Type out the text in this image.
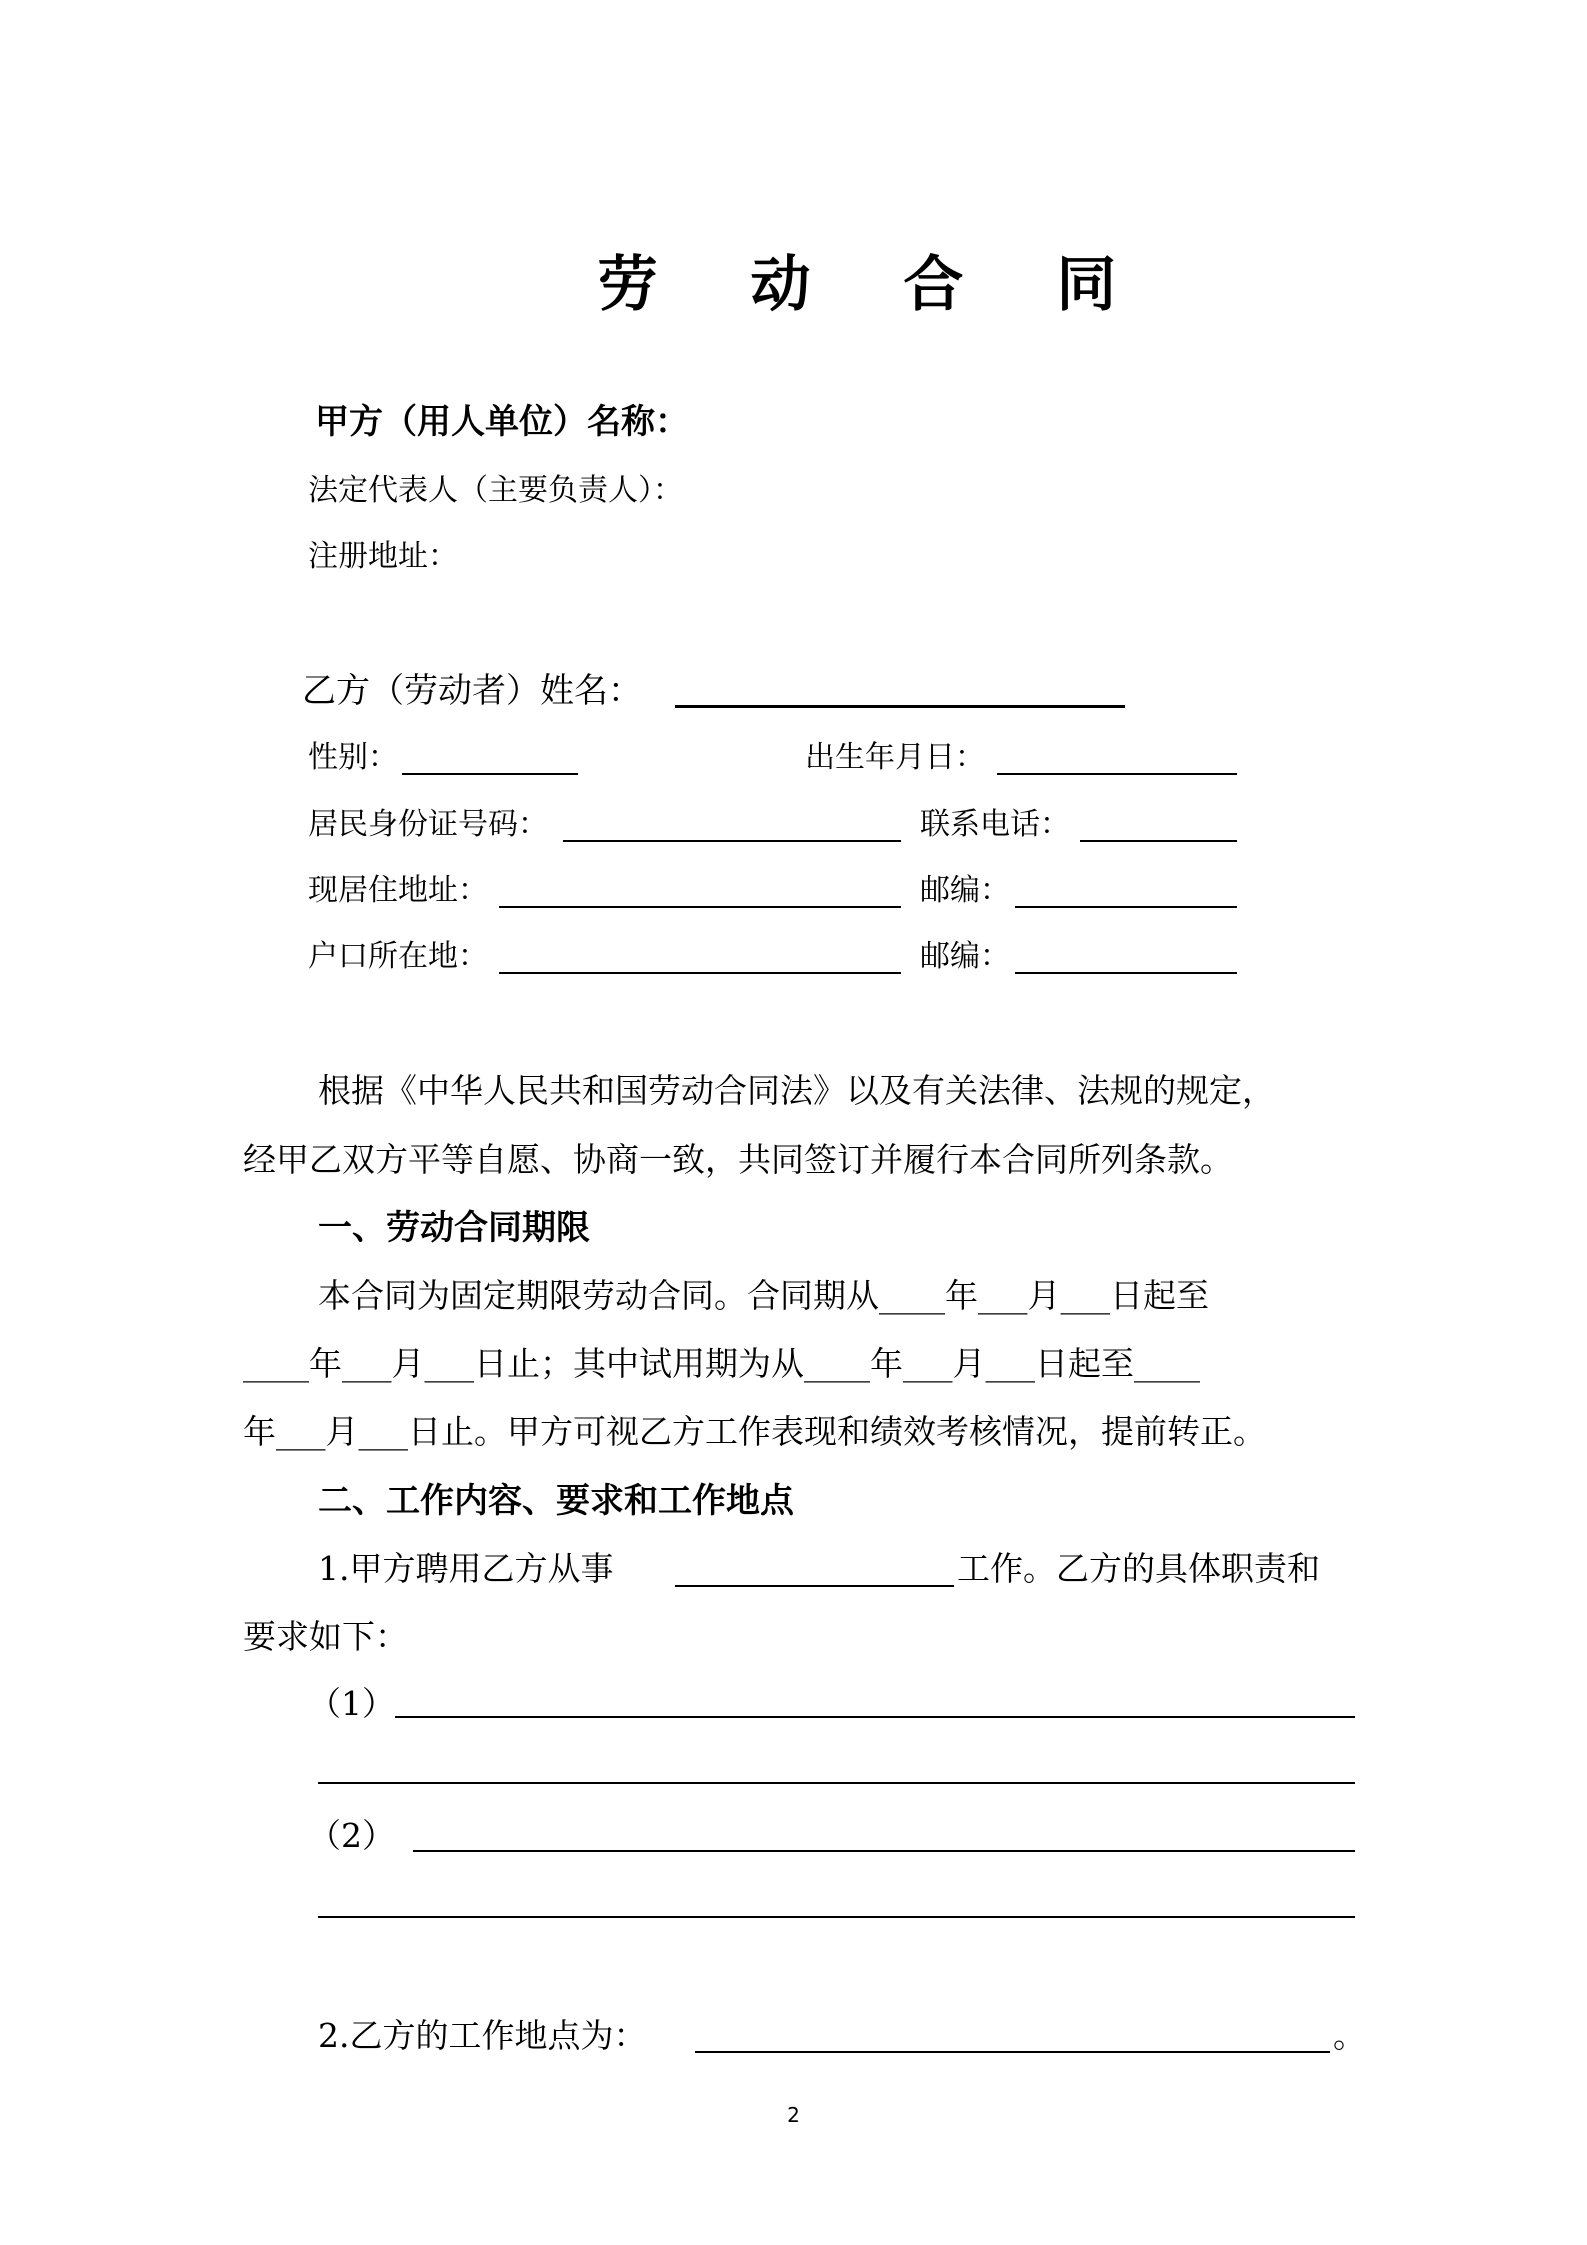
劳 动 合 同
甲方（用人单位）名称：
法定代表人（主要负责人）：
注册地址：
乙方（劳动者）姓名：
性别：	出生年月日：
居民身份证号码：	联系电话：
现居住地址：	邮编：
户口所在地：	邮编：
根据《中华人民共和国劳动合同法》以及有关法律、法规的规定，
经甲乙双方平等自愿、协商一致，共同签订并履行本合同所列条款。
一、劳动合同期限
本合同为固定期限劳动合同。合同期从____年___月___日起至
____年___月___日止；其中试用期为从____年___月___日起至____
年___月___日止。甲方可视乙方工作表现和绩效考核情况，提前转正。
二、工作内容、要求和工作地点
1.甲方聘用乙方从事	工作。乙方的具体职责和
要求如下：
（1）
（2）
2.乙方的工作地点为：	。
2
